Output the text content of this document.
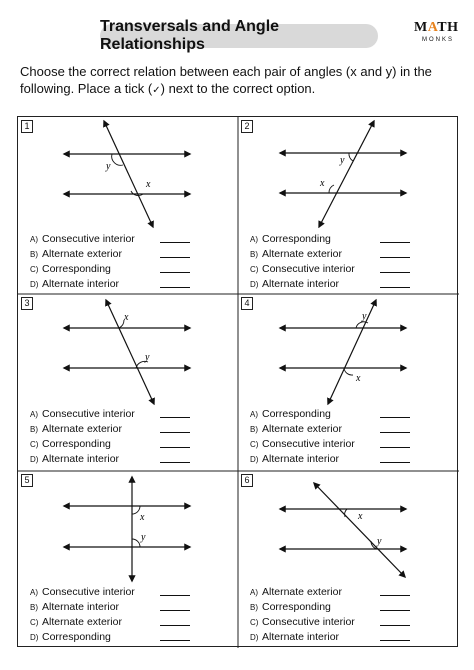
Transversals and Angle Relationships
MATH
MONKS
Choose the correct relation between each pair of angles (x and y) in the
following. Place a tick (✓) next to the correct option.
1
y
x
A) Consecutive interior
B) Alternate exterior
C) Corresponding
D) Alternate interior
2
y
x
A) Corresponding
B) Alternate exterior
C) Consecutive interior
D) Alternate interior
3
x
y
A) Consecutive interior
B) Alternate exterior
C) Corresponding
D) Alternate interior
4
y
x
A) Corresponding
B) Alternate exterior
C) Consecutive interior
D) Alternate interior
5
x
y
A) Consecutive interior
B) Alternate interior
C) Alternate exterior
D) Corresponding
6
x
y
A) Alternate exterior
B) Corresponding
C) Consecutive interior
D) Alternate interior
